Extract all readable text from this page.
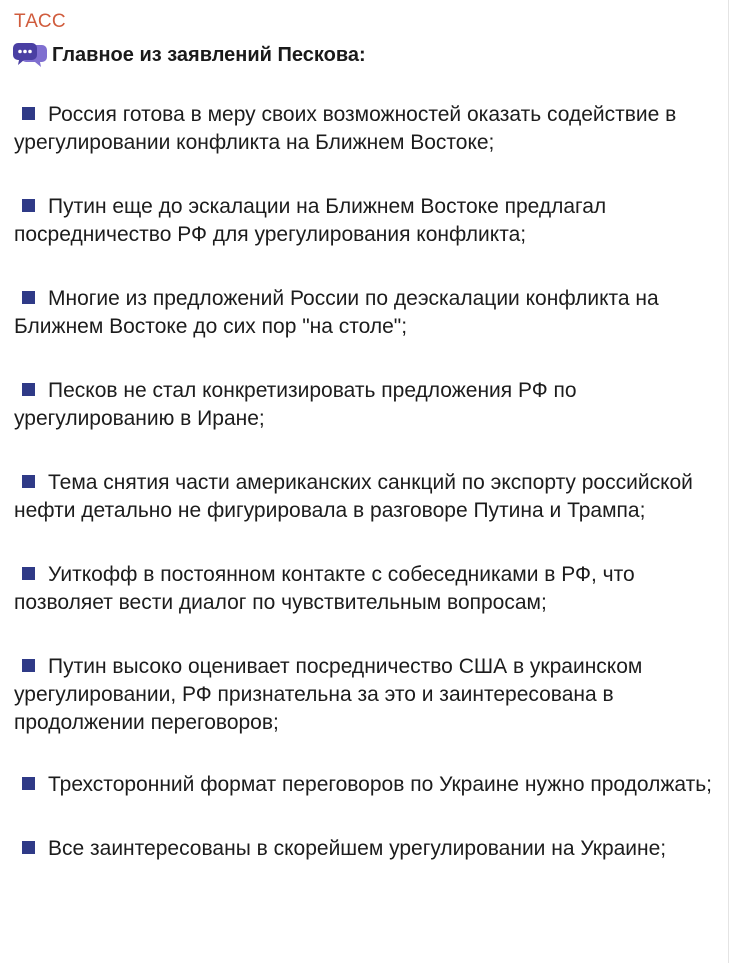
ТАСС
Главное из заявлений Пескова:
Россия готова в меру своих возможностей оказать содействие в урегулировании конфликта на Ближнем Востоке;
Путин еще до эскалации на Ближнем Востоке предлагал посредничество РФ для урегулирования конфликта;
Многие из предложений России по деэскалации конфликта на Ближнем Востоке до сих пор "на столе";
Песков не стал конкретизировать предложения РФ по урегулированию в Иране;
Тема снятия части американских санкций по экспорту российской нефти детально не фигурировала в разговоре Путина и Трампа;
Уиткофф в постоянном контакте с собеседниками в РФ, что позволяет вести диалог по чувствительным вопросам;
Путин высоко оценивает посредничество США в украинском урегулировании, РФ признательна за это и заинтересована в продолжении переговоров;
Трехсторонний формат переговоров по Украине нужно продолжать;
Все заинтересованы в скорейшем урегулировании на Украине;
